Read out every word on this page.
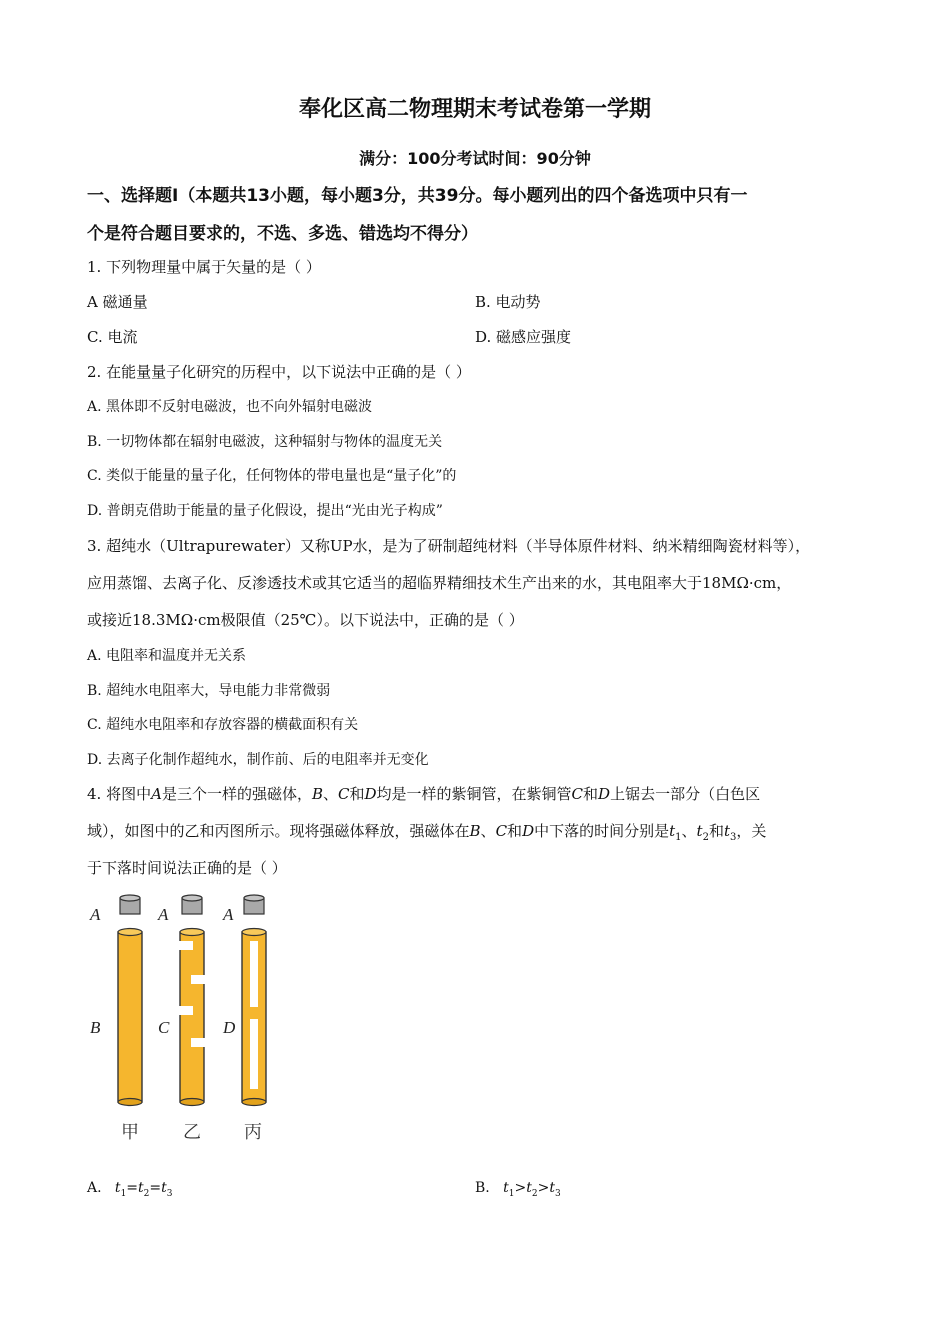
奉化区高二物理期末考试卷第一学期
满分：100分考试时间：90分钟
一、选择题Ⅰ（本题共13小题，每小题3分，共39分。每小题列出的四个备选项中只有一
个是符合题目要求的，不选、多选、错选均不得分）
1. 下列物理量中属于矢量的是（ ）
A 磁通量	B. 电动势
C. 电流	D. 磁感应强度
2. 在能量量子化研究的历程中，以下说法中正确的是（ ）
A. 黑体即不反射电磁波，也不向外辐射电磁波
B. 一切物体都在辐射电磁波，这种辐射与物体的温度无关
C. 类似于能量的量子化，任何物体的带电量也是“量子化”的
D. 普朗克借助于能量的量子化假设，提出“光由光子构成”
3. 超纯水（Ultrapurewater）又称UP水，是为了研制超纯材料（半导体原件材料、纳米精细陶瓷材料等），
应用蒸馏、去离子化、反渗透技术或其它适当的超临界精细技术生产出来的水，其电阻率大于18MΩ·cm，
或接近18.3MΩ·cm极限值（25℃）。以下说法中，正确的是（ ）
A. 电阻率和温度并无关系
B. 超纯水电阻率大，导电能力非常微弱
C. 超纯水电阻率和存放容器的横截面积有关
D. 去离子化制作超纯水，制作前、后的电阻率并无变化
4. 将图中A是三个一样的强磁体，B、C和D均是一样的紫铜管，在紫铜管C和D上锯去一部分（白色区
域），如图中的乙和丙图所示。现将强磁体释放，强磁体在B、C和D中下落的时间分别是$t_1$、$t_2$和$t_3$，关
于下落时间说法正确的是（ ）
A	A	A
B	C	D
甲 乙 丙
A. $t_1=t_2=t_3$	B. $t_1>t_2>t_3$
